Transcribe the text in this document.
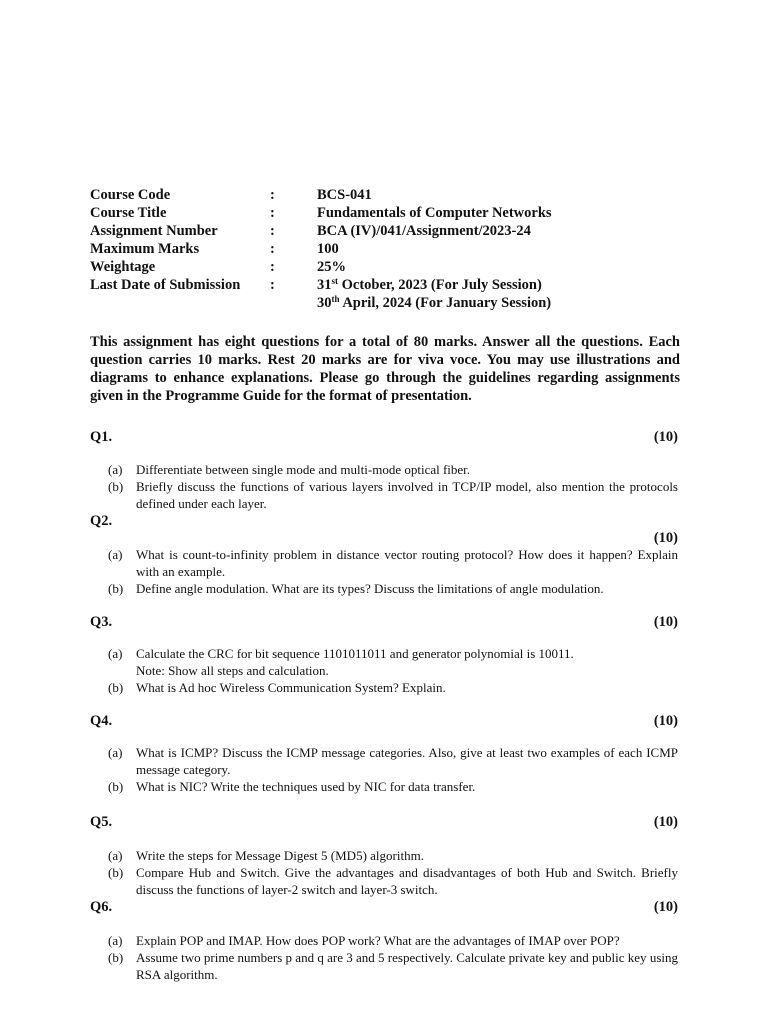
Course Code	:	BCS-041
Course Title	:	Fundamentals of Computer Networks
Assignment Number	:	BCA (IV)/041/Assignment/2023-24
Maximum Marks	:	100
Weightage	:	25%
Last Date of Submission :	31st October, 2023 (For July Session)
30th April, 2024 (For January Session)
This assignment has eight questions for a total of 80 marks. Answer all the questions. Each question carries 10 marks. Rest 20 marks are for viva voce. You may use illustrations and diagrams to enhance explanations. Please go through the guidelines regarding assignments given in the Programme Guide for the format of presentation.
Q1.	(10)
(a) Differentiate between single mode and multi-mode optical fiber.
(b) Briefly discuss the functions of various layers involved in TCP/IP model, also mention the protocols defined under each layer.
Q2.
(10)
(a) What is count-to-infinity problem in distance vector routing protocol? How does it happen? Explain with an example.
(b) Define angle modulation. What are its types? Discuss the limitations of angle modulation.
Q3.	(10)
(a) Calculate the CRC for bit sequence 1101011011 and generator polynomial is 10011.
Note: Show all steps and calculation.
(b) What is Ad hoc Wireless Communication System? Explain.
Q4.	(10)
(a) What is ICMP? Discuss the ICMP message categories. Also, give at least two examples of each ICMP message category.
(b) What is NIC? Write the techniques used by NIC for data transfer.
Q5.	(10)
(a) Write the steps for Message Digest 5 (MD5) algorithm.
(b) Compare Hub and Switch. Give the advantages and disadvantages of both Hub and Switch. Briefly discuss the functions of layer-2 switch and layer-3 switch.
Q6.	(10)
(a) Explain POP and IMAP. How does POP work? What are the advantages of IMAP over POP?
(b) Assume two prime numbers p and q are 3 and 5 respectively. Calculate private key and public key using RSA algorithm.
